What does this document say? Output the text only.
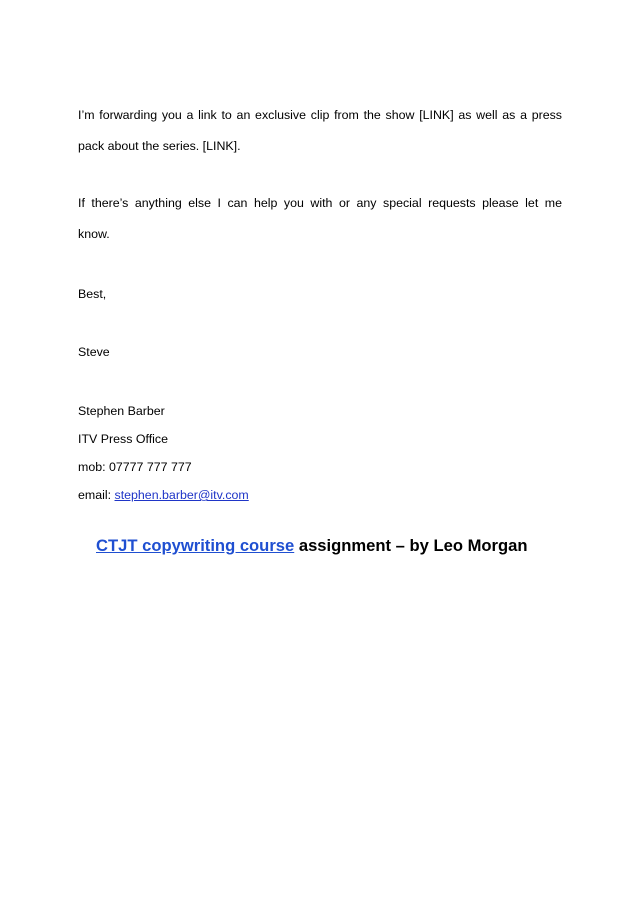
I’m forwarding you a link to an exclusive clip from the show [LINK] as well as a press
pack about the series. [LINK].
If there’s anything else I can help you with or any special requests please let me
know.
Best,
Steve
Stephen Barber
ITV Press Office
mob: 07777 777 777
email: stephen.barber@itv.com
CTJT copywriting course assignment – by Leo Morgan
